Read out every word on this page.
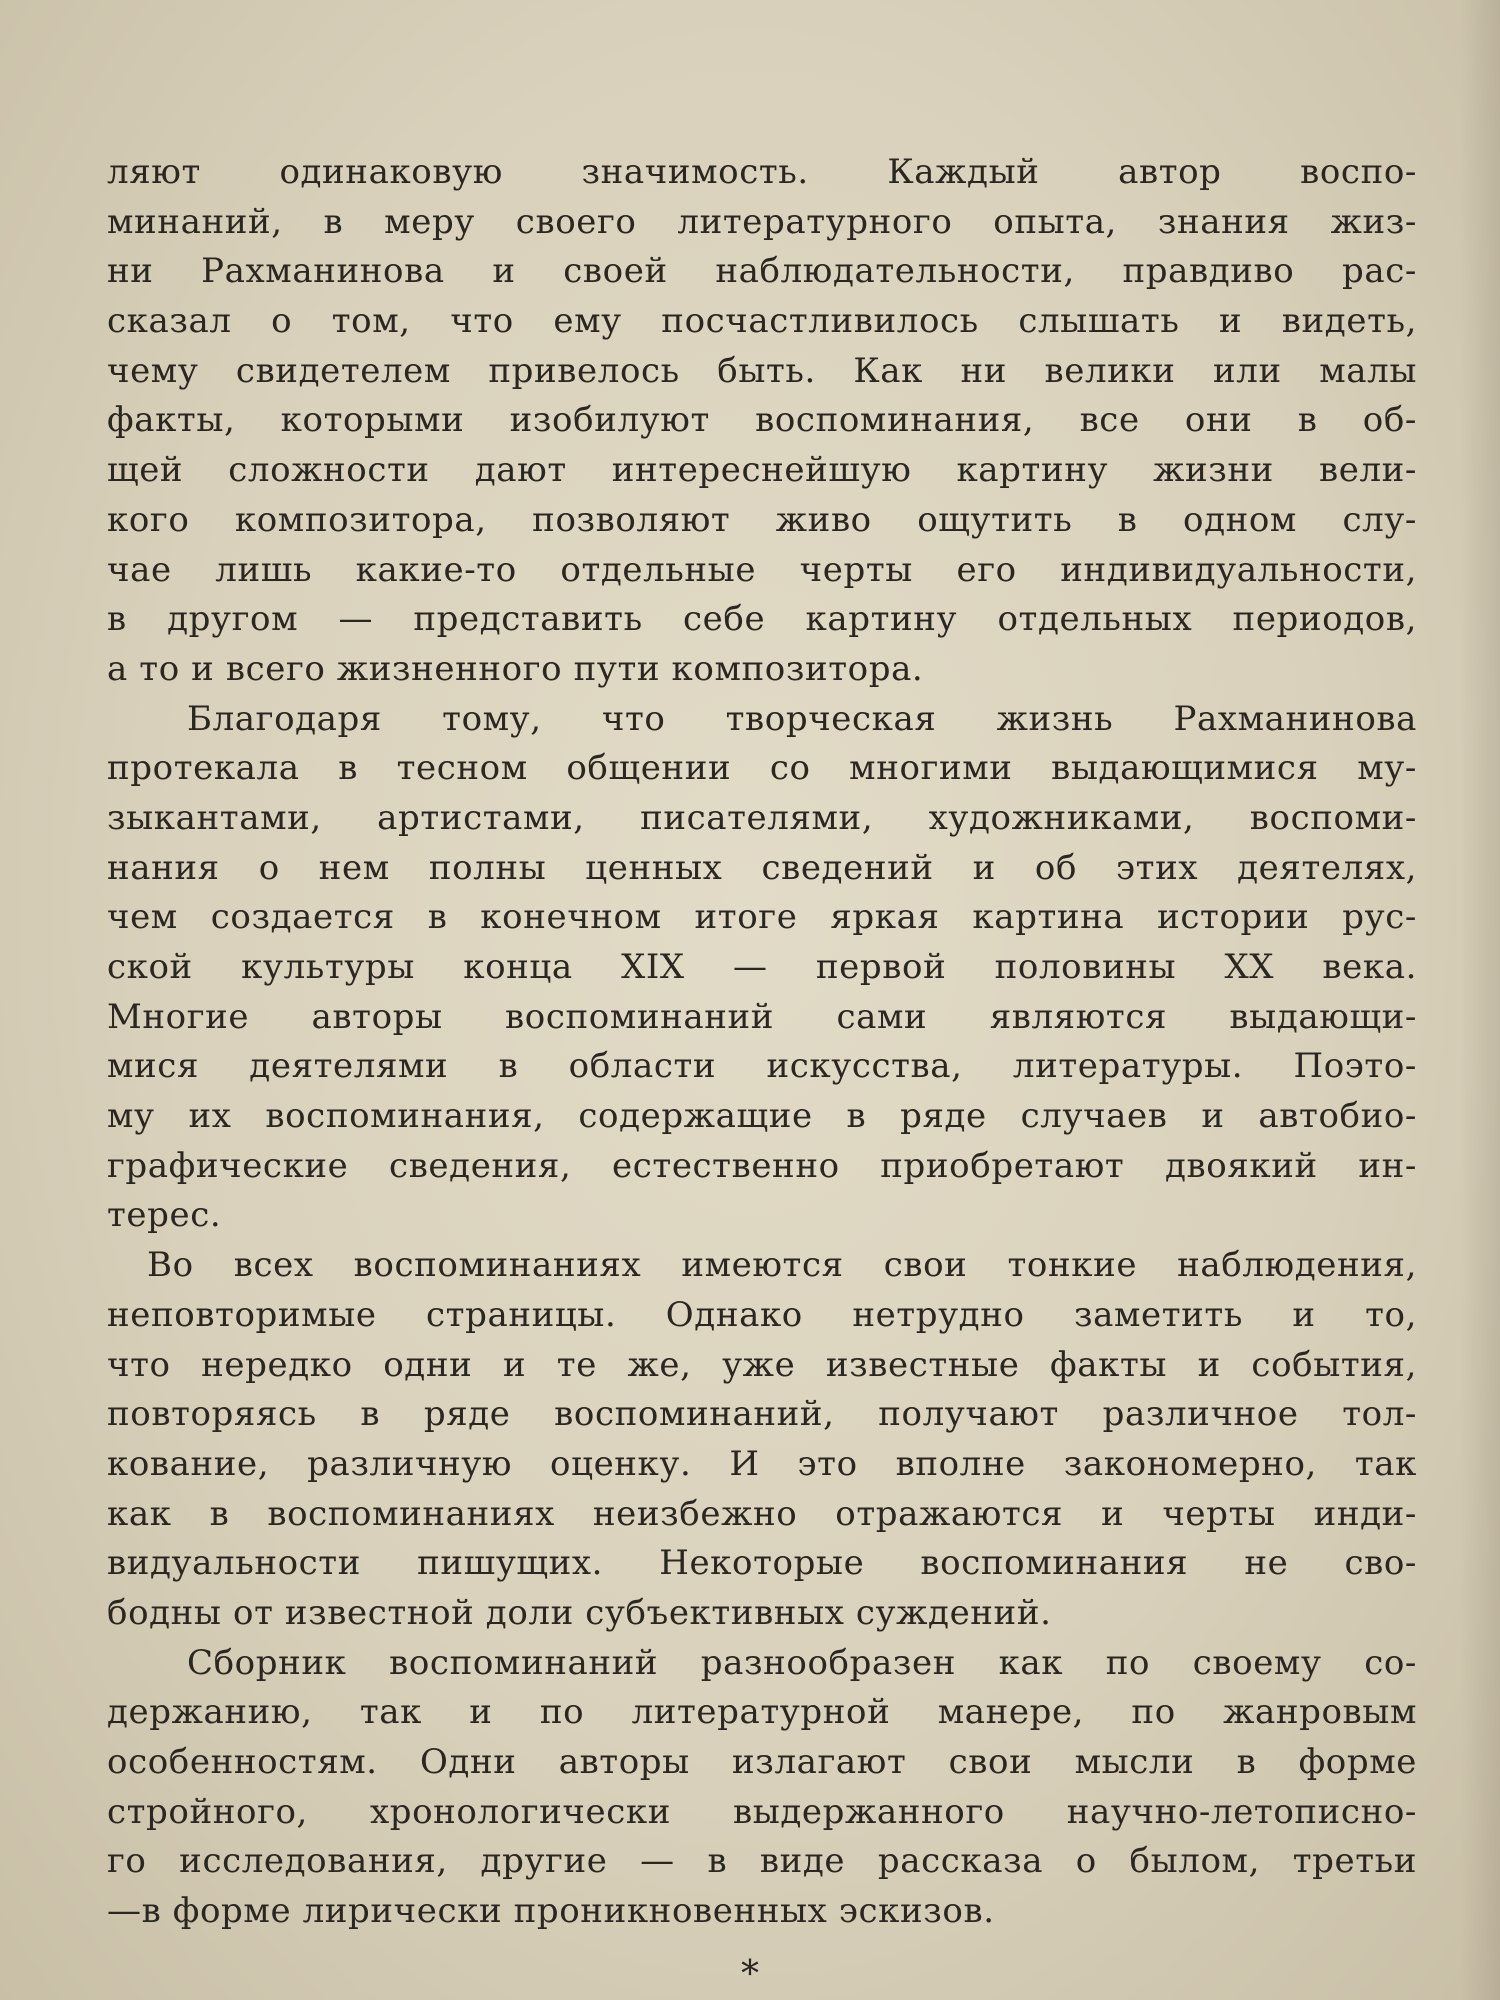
ляют одинаковую значимость. Каждый автор воспо-
минаний, в меру своего литературного опыта, знания жиз-
ни Рахманинова и своей наблюдательности, правдиво рас-
сказал о том, что ему посчастливилось слышать и видеть,
чему свидетелем привелось быть. Как ни велики или малы
факты, которыми изобилуют воспоминания, все они в об-
щей сложности дают интереснейшую картину жизни вели-
кого композитора, позволяют живо ощутить в одном слу-
чае лишь какие-то отдельные черты его индивидуальности,
в другом — представить себе картину отдельных периодов,
а то и всего жизненного пути композитора.
Благодаря тому, что творческая жизнь Рахманинова
протекала в тесном общении со многими выдающимися му-
зыкантами, артистами, писателями, художниками, воспоми-
нания о нем полны ценных сведений и об этих деятелях,
чем создается в конечном итоге яркая картина истории рус-
ской культуры конца XIX — первой половины XX века.
Многие авторы воспоминаний сами являются выдающи-
мися деятелями в области искусства, литературы. Поэто-
му их воспоминания, содержащие в ряде случаев и автобио-
графические сведения, естественно приобретают двоякий ин-
терес.
Во всех воспоминаниях имеются свои тонкие наблюдения,
неповторимые страницы. Однако нетрудно заметить и то,
что нередко одни и те же, уже известные факты и события,
повторяясь в ряде воспоминаний, получают различное тол-
кование, различную оценку. И это вполне закономерно, так
как в воспоминаниях неизбежно отражаются и черты инди-
видуальности пишущих. Некоторые воспоминания не сво-
бодны от известной доли субъективных суждений.
Сборник воспоминаний разнообразен как по своему со-
держанию, так и по литературной манере, по жанровым
особенностям. Одни авторы излагают свои мысли в форме
стройного, хронологически выдержанного научно-летописно-
го исследования, другие — в виде рассказа о былом, третьи
—в форме лирически проникновенных эскизов.
*
